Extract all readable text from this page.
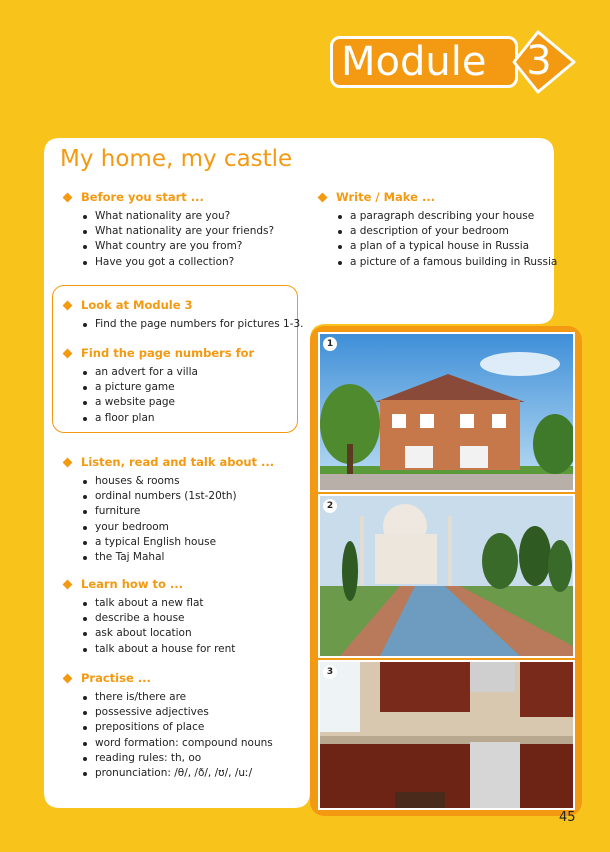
Module 3
My home, my castle
Before you start ...
What nationality are you?
What nationality are your friends?
What country are you from?
Have you got a collection?
Write / Make ...
a paragraph describing your house
a description of your bedroom
a plan of a typical house in Russia
a picture of a famous building in Russia
Look at Module 3
Find the page numbers for pictures 1-3.
Find the page numbers for
an advert for a villa
a picture game
a website page
a floor plan
Listen, read and talk about ...
houses & rooms
ordinal numbers (1st-20th)
furniture
your bedroom
a typical English house
the Taj Mahal
Learn how to ...
talk about a new flat
describe a house
ask about location
talk about a house for rent
Practise ...
there is/there are
possessive adjectives
prepositions of place
word formation: compound nouns
reading rules: th, oo
pronunciation: /θ/, /ð/, /ʊ/, /uː/
1
2
3
45
